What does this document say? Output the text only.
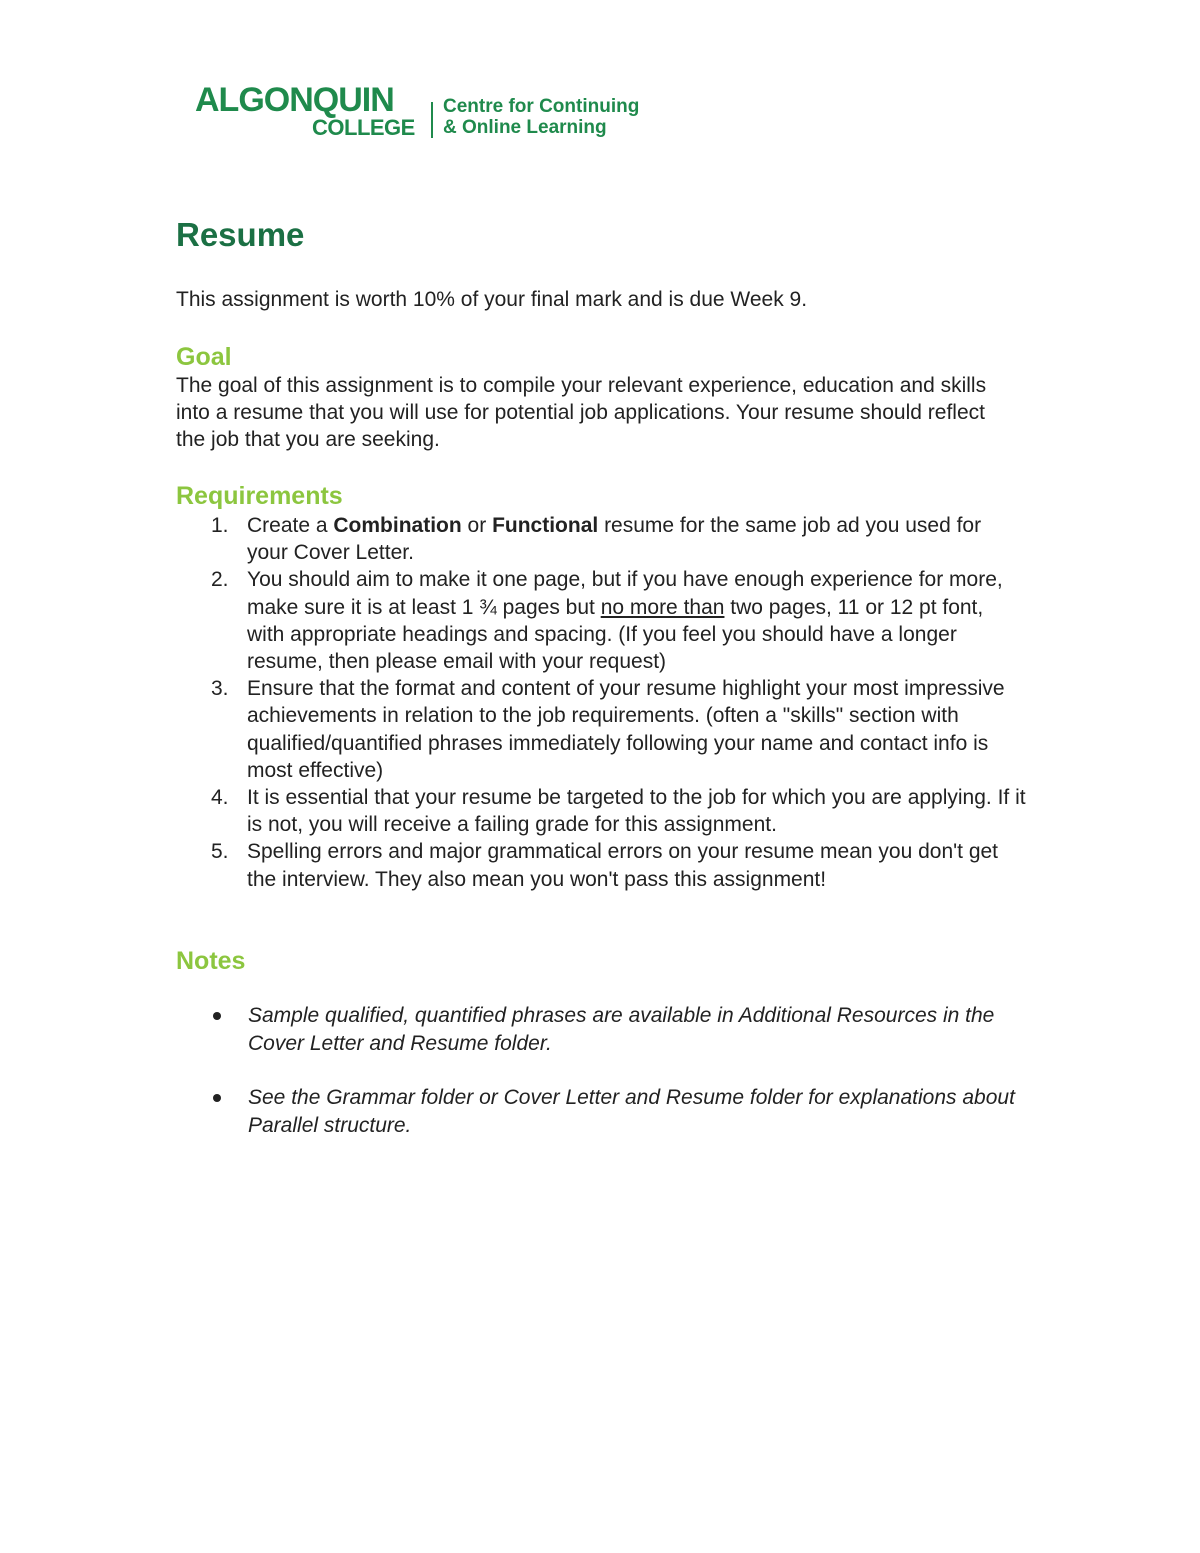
ALGONQUIN
COLLEGE
Centre for Continuing
& Online Learning
Resume

This assignment is worth 10% of your final mark and is due Week 9.

Goal

The goal of this assignment is to compile your relevant experience, education and skills into a resume that you will use for potential job applications. Your resume should reflect the job that you are seeking.

Requirements
1. Create a Combination or Functional resume for the same job ad you used for your Cover Letter.
2. You should aim to make it one page, but if you have enough experience for more, make sure it is at least 1 ¾ pages but no more than two pages, 11 or 12 pt font, with appropriate headings and spacing. (If you feel you should have a longer resume, then please email with your request)
3. Ensure that the format and content of your resume highlight your most impressive achievements in relation to the job requirements. (often a "skills" section with qualified/quantified phrases immediately following your name and contact info is most effective)
4. It is essential that your resume be targeted to the job for which you are applying. If it is not, you will receive a failing grade for this assignment.
5. Spelling errors and major grammatical errors on your resume mean you don't get the interview. They also mean you won't pass this assignment!
Notes
Sample qualified, quantified phrases are available in Additional Resources in the Cover Letter and Resume folder.
See the Grammar folder or Cover Letter and Resume folder for explanations about Parallel structure.
